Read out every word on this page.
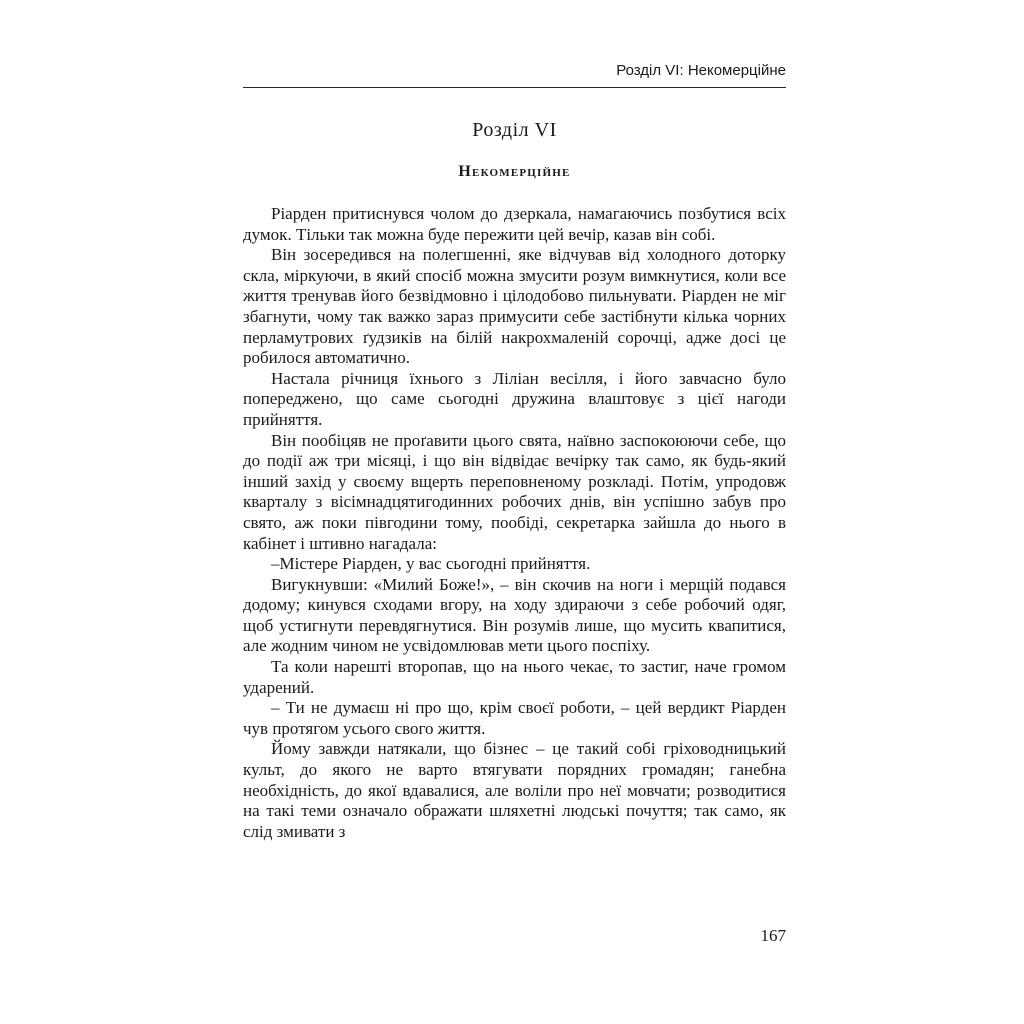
Розділ VI: Некомерційне
Розділ VI
Некомерційне

Ріарден притиснувся чолом до дзеркала, намагаючись позбутися всіх думок. Тільки так можна буде пережити цей вечір, казав він собі.

Він зосередився на полегшенні, яке відчував від холодного доторку скла, міркуючи, в який спосіб можна змусити розум вимкнутися, коли все життя тренував його безвідмовно і цілодобово пильнувати. Ріарден не міг збагнути, чому так важко зараз примусити себе застібнути кілька чорних перламутрових ґудзиків на білій накрохмаленій сорочці, адже досі це робилося автоматично.

Настала річниця їхнього з Ліліан весілля, і його завчасно було попереджено, що саме сьогодні дружина влаштовує з цієї нагоди прийняття.

Він пообіцяв не проґавити цього свята, наївно заспокоюючи себе, що до події аж три місяці, і що він відвідає вечірку так само, як будь-який інший захід у своєму вщерть переповненому розкладі. Потім, упродовж кварталу з вісімнадцятигодинних робочих днів, він успішно забув про свято, аж поки півгодини тому, пообіді, секретарка зайшла до нього в кабінет і штивно нагадала:

–Містере Ріарден, у вас сьогодні прийняття.

Вигукнувши: «Милий Боже!», – він скочив на ноги і мерщій подався додому; кинувся сходами вгору, на ходу здираючи з себе робочий одяг, щоб устигнути перевдягнутися. Він розумів лише, що мусить квапитися, але жодним чином не усвідомлював мети цього поспіху.

Та коли нарешті второпав, що на нього чекає, то застиг, наче громом ударений.

– Ти не думаєш ні про що, крім своєї роботи, – цей вердикт Ріарден чув протягом усього свого життя.

Йому завжди натякали, що бізнес – це такий собі гріховодницький культ, до якого не варто втягувати порядних громадян; ганебна необхідність, до якої вдавалися, але воліли про неї мовчати; розводитися на такі теми означало ображати шляхетні людські почуття; так само, як слід змивати з

167
